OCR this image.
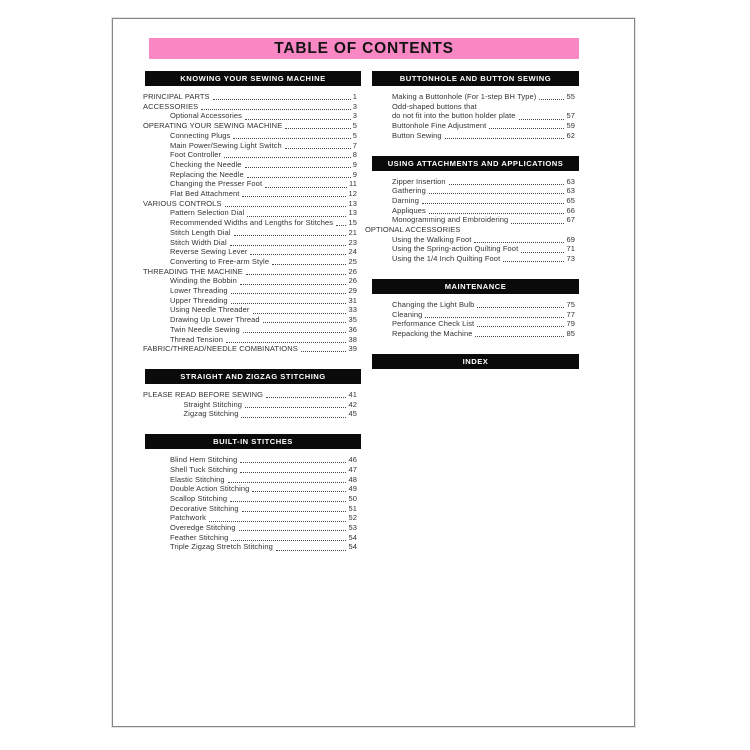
TABLE OF CONTENTS
KNOWING YOUR SEWING MACHINE
PRINCIPAL PARTS	1
ACCESSORIES	3
Optional Accessories	3
OPERATING YOUR SEWING MACHINE	5
Connecting Plugs	5
Main Power/Sewing Light Switch	7
Foot Controller	8
Checking the Needle	9
Replacing the Needle	9
Changing the Presser Foot	11
Flat Bed Attachment	12
VARIOUS CONTROLS	13
Pattern Selection Dial	13
Recommended Widths and Lengths for Stitches 15
Stitch Length Dial	21
Stitch Width Dial	23
Reverse Sewing Lever	24
Converting to Free-arm Style	25
THREADING THE MACHINE	26
Winding the Bobbin	26
Lower Threading	29
Upper Threading	31
Using Needle Threader	33
Drawing Up Lower Thread	35
Twin Needle Sewing	36
Thread Tension	38
FABRIC/THREAD/NEEDLE COMBINATIONS	39
STRAIGHT AND ZIGZAG STITCHING
PLEASE READ BEFORE SEWING	41
Straight Stitching	42
Zigzag Stitching	45
BUILT-IN STITCHES
Blind Hem Stitching	46
Shell Tuck Stitching	47
Elastic Stitching	48
Double Action Stitching	49
Scallop Stitching	50
Decorative Stitching	51
Patchwork	52
Overedge Stitching	53
Feather Stitching	54
Triple Zigzag Stretch Stitching	54
BUTTONHOLE AND BUTTON SEWING
Making a Buttonhole (For 1-step BH Type)	55
Odd-shaped buttons that
do not fit into the button holder plate	57
Buttonhole Fine Adjustment	59
Button Sewing	62
USING ATTACHMENTS AND APPLICATIONS
Zipper Insertion	63
Gathering	63
Darning	65
Appliques	66
Monogramming and Embroidering	67
OPTIONAL ACCESSORIES
Using the Walking Foot	69
Using the Spring-action Quilting Foot	71
Using the 1/4 Inch Quilting Foot	73
MAINTENANCE
Changing the Light Bulb	75
Cleaning	77
Performance Check List	79
Repacking the Machine	85
INDEX
